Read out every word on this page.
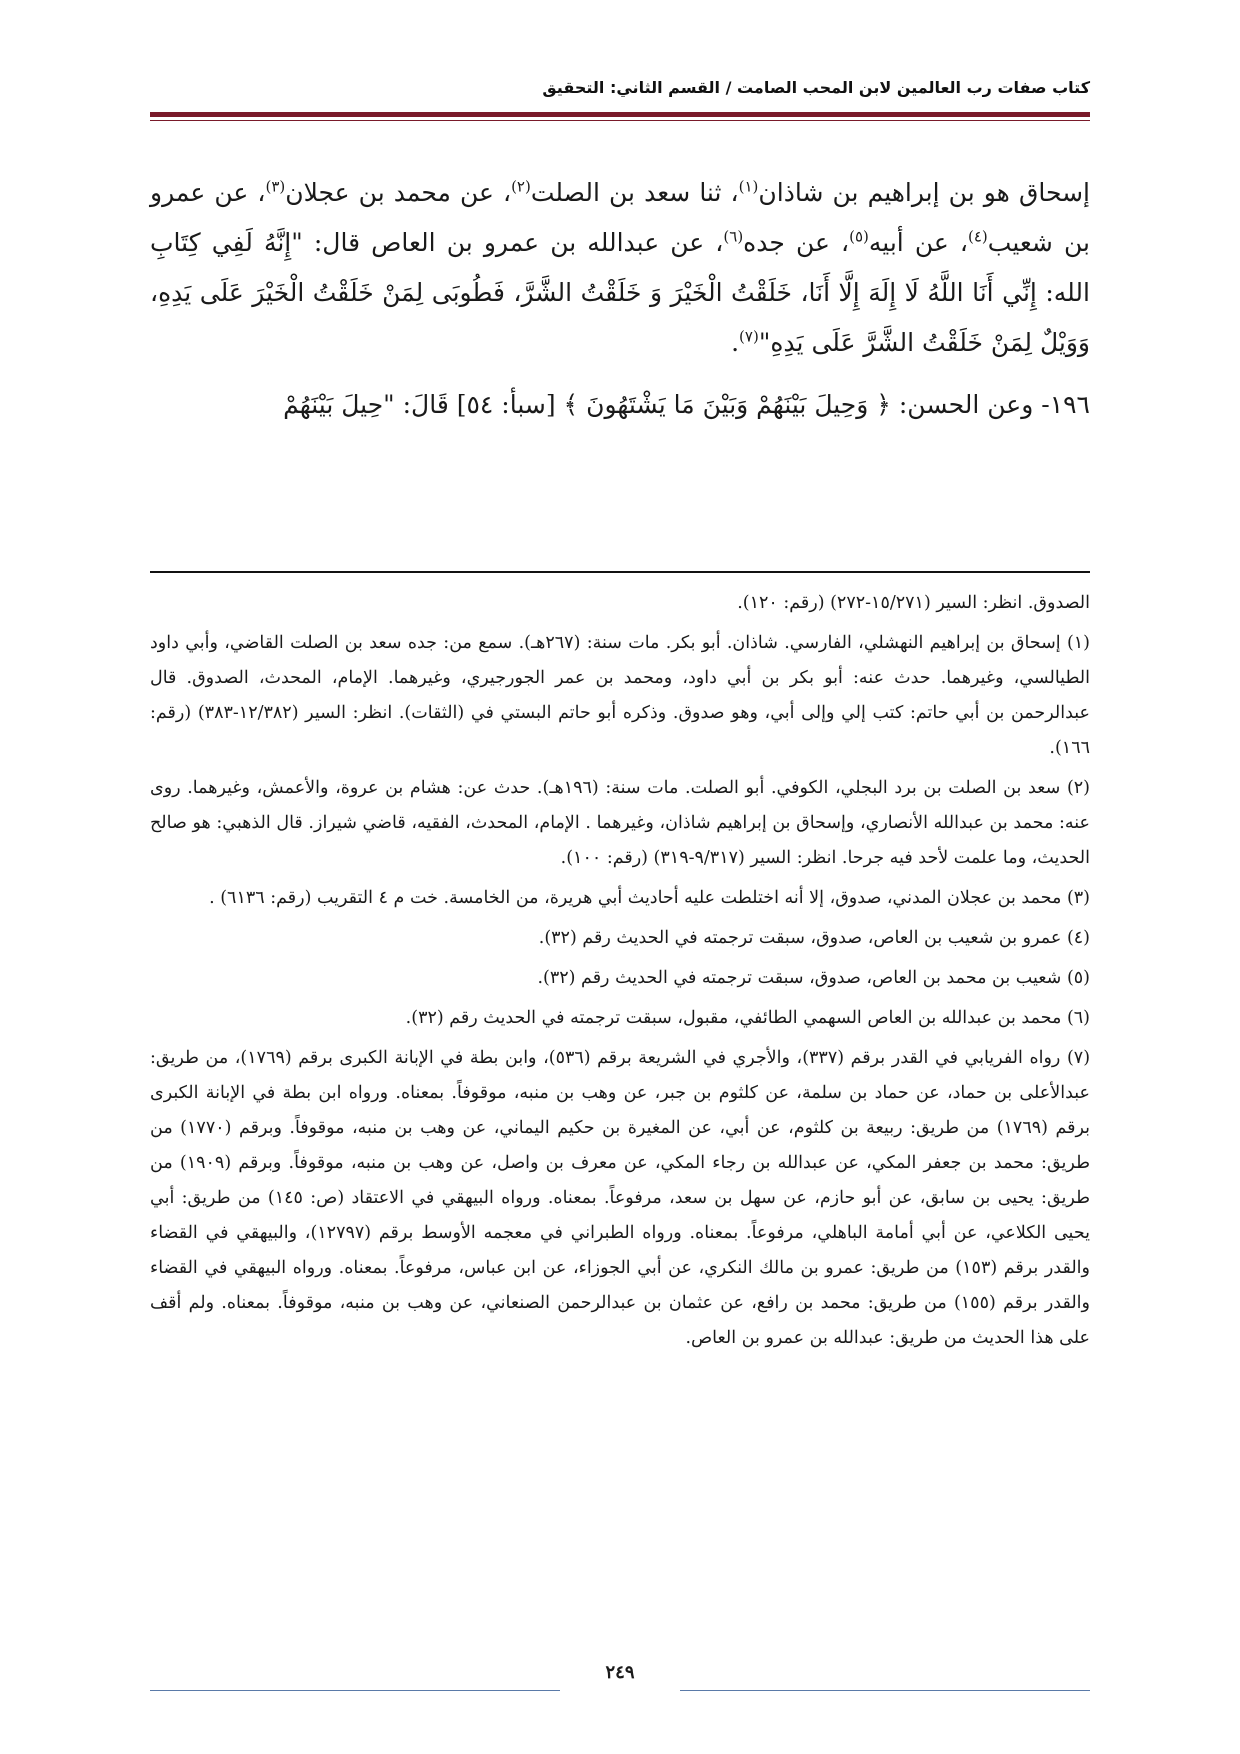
كتاب صفات رب العالمين لابن المحب الصامت / القسم الثاني: التحقيق

إسحاق هو بن إبراهيم بن شاذان$^{(١)}$، ثنا سعد بن الصلت$^{(٢)}$، عن محمد بن عجلان$^{(٣)}$، عن عمرو بن شعيب$^{(٤)}$، عن أبيه$^{(٥)}$، عن جده$^{(٦)}$، عن عبدالله بن عمرو بن العاص قال: "إِنَّهُ لَفِي كِتَابِ الله: إِنِّي أَنَا اللَّهُ لَا إِلَهَ إِلَّا أَنَا، خَلَقْتُ الْخَيْرَ وَ خَلَقْتُ الشَّرَّ، فَطُوبَى لِمَنْ خَلَقْتُ الْخَيْرَ عَلَى يَدِهِ، وَوَيْلٌ لِمَنْ خَلَقْتُ الشَّرَّ عَلَى يَدِهِ"$^{(٧)}$.

١٩٦- وعن الحسن: ﴿ وَحِيلَ بَيْنَهُمْ وَبَيْنَ مَا يَشْتَهُونَ ﴾ [سبأ: ٥٤] قَالَ: "حِيلَ بَيْنَهُمْ

الصدوق. انظر: السير (١٥/٢٧١-٢٧٢) (رقم: ١٢٠).
(١) إسحاق بن إبراهيم النهشلي، الفارسي. شاذان. أبو بكر. مات سنة: (٢٦٧هـ). سمع من: جده سعد بن الصلت القاضي، وأبي داود الطيالسي، وغيرهما. حدث عنه: أبو بكر بن أبي داود، ومحمد بن عمر الجورجيري، وغيرهما. الإمام، المحدث، الصدوق. قال عبدالرحمن بن أبي حاتم: كتب إلي وإلى أبي، وهو صدوق. وذكره أبو حاتم البستي في (الثقات). انظر: السير (١٢/٣٨٢-٣٨٣) (رقم: ١٦٦).
(٢) سعد بن الصلت بن برد البجلي، الكوفي. أبو الصلت. مات سنة: (١٩٦هـ). حدث عن: هشام بن عروة، والأعمش، وغيرهما. روى عنه: محمد بن عبدالله الأنصاري، وإسحاق بن إبراهيم شاذان، وغيرهما . الإمام، المحدث، الفقيه، قاضي شيراز. قال الذهبي: هو صالح الحديث، وما علمت لأحد فيه جرحا. انظر: السير (٩/٣١٧-٣١٩) (رقم: ١٠٠).
(٣) محمد بن عجلان المدني، صدوق، إلا أنه اختلطت عليه أحاديث أبي هريرة، من الخامسة. خت م ٤ التقريب (رقم: ٦١٣٦) .
(٤) عمرو بن شعيب بن العاص، صدوق، سبقت ترجمته في الحديث رقم (٣٢).
(٥) شعيب بن محمد بن العاص، صدوق، سبقت ترجمته في الحديث رقم (٣٢).
(٦) محمد بن عبدالله بن العاص السهمي الطائفي، مقبول، سبقت ترجمته في الحديث رقم (٣٢).
(٧) رواه الفريابي في القدر برقم (٣٣٧)، والأجري في الشريعة برقم (٥٣٦)، وابن بطة في الإبانة الكبرى برقم (١٧٦٩)، من طريق: عبدالأعلى بن حماد، عن حماد بن سلمة، عن كلثوم بن جبر، عن وهب بن منبه، موقوفاً. بمعناه. ورواه ابن بطة في الإبانة الكبرى برقم (١٧٦٩) من طريق: ربيعة بن كلثوم، عن أبي، عن المغيرة بن حكيم اليماني، عن وهب بن منبه، موقوفاً. وبرقم (١٧٧٠) من طريق: محمد بن جعفر المكي، عن عبدالله بن رجاء المكي، عن معرف بن واصل، عن وهب بن منبه، موقوفاً. وبرقم (١٩٠٩) من طريق: يحيى بن سابق، عن أبو حازم، عن سهل بن سعد، مرفوعاً. بمعناه. ورواه البيهقي في الاعتقاد (ص: ١٤٥) من طريق: أبي يحيى الكلاعي، عن أبي أمامة الباهلي، مرفوعاً. بمعناه. ورواه الطبراني في معجمه الأوسط برقم (١٢٧٩٧)، والبيهقي في القضاء والقدر برقم (١٥٣) من طريق: عمرو بن مالك النكري، عن أبي الجوزاء، عن ابن عباس، مرفوعاً. بمعناه. ورواه البيهقي في القضاء والقدر برقم (١٥٥) من طريق: محمد بن رافع، عن عثمان بن عبدالرحمن الصنعاني، عن وهب بن منبه، موقوفاً. بمعناه. ولم أقف على هذا الحديث من طريق: عبدالله بن عمرو بن العاص.
٢٤٩
